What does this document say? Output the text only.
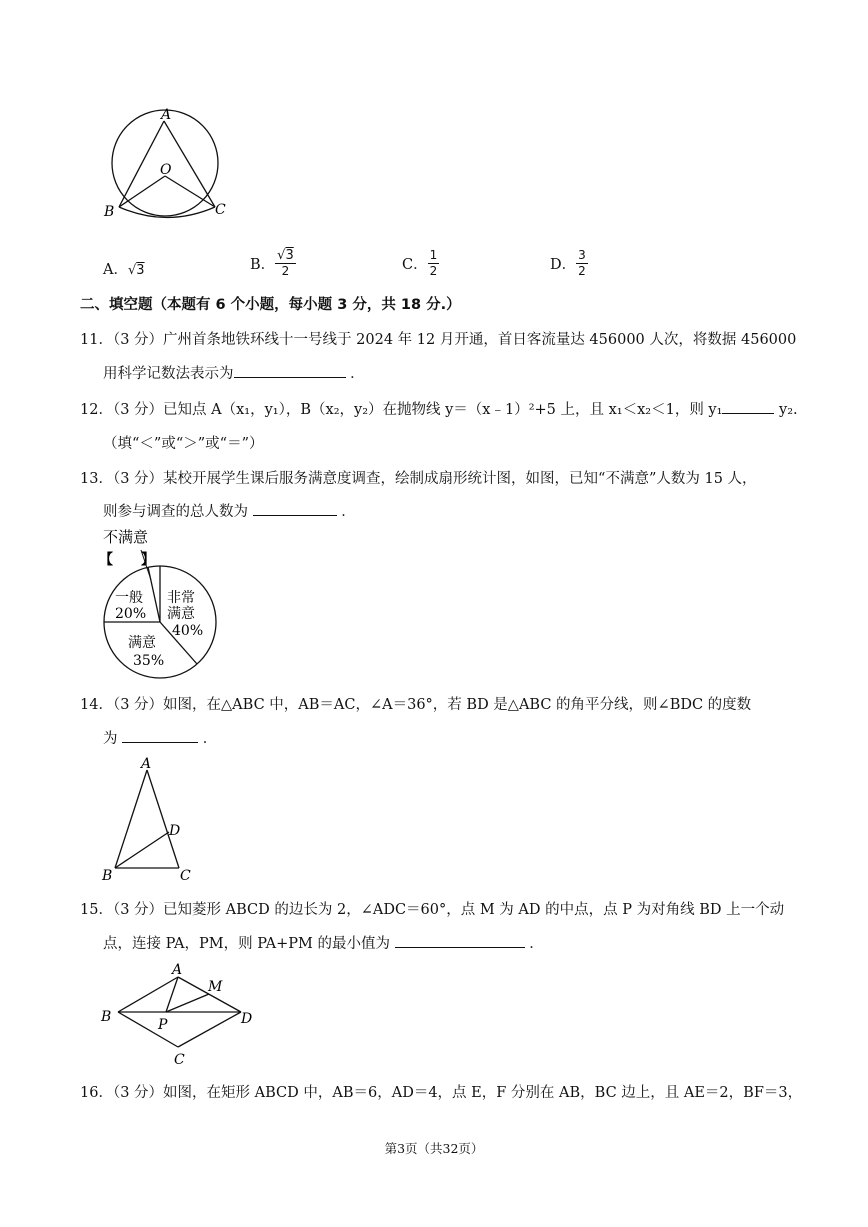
A
O
B	C
A．√3	B． $\frac{√3}{2}$	C． $\frac{1}{2}$	D． $\frac{3}{2}$
二、填空题（本题有 6 个小题，每小题 3 分，共 18 分.）
11．（3 分）广州首条地铁环线十一号线于 2024 年 12 月开通，首日客流量达 456000 人次，将数据 456000
用科学记数法表示为	．
12．（3 分）已知点 A（x₁，y₁），B（x₂，y₂）在抛物线 y＝（x﹣1）²+5 上，且 x₁＜x₂＜1，则 y₁	y₂.
（填“＜”或“＞”或“＝”）
13．（3 分）某校开展学生课后服务满意度调查，绘制成扇形统计图，如图，已知“不满意”人数为 15 人，
则参与调查的总人数为	．
不满意
【　　】
一般
20%
非常
满意
40%
满意
35%
14．（3 分）如图，在△ABC 中，AB＝AC，∠A＝36°，若 BD 是△ABC 的角平分线，则∠BDC 的度数
为	．
A
D
B	C
15．（3 分）已知菱形 ABCD 的边长为 2，∠ADC＝60°，点 M 为 AD 的中点，点 P 为对角线 BD 上一个动
点，连接 PA，PM，则 PA+PM 的最小值为	．
A
M
B	P	D
C
16．（3 分）如图，在矩形 ABCD 中，AB＝6，AD＝4，点 E，F 分别在 AB，BC 边上，且 AE＝2，BF＝3，
第3页（共32页）
